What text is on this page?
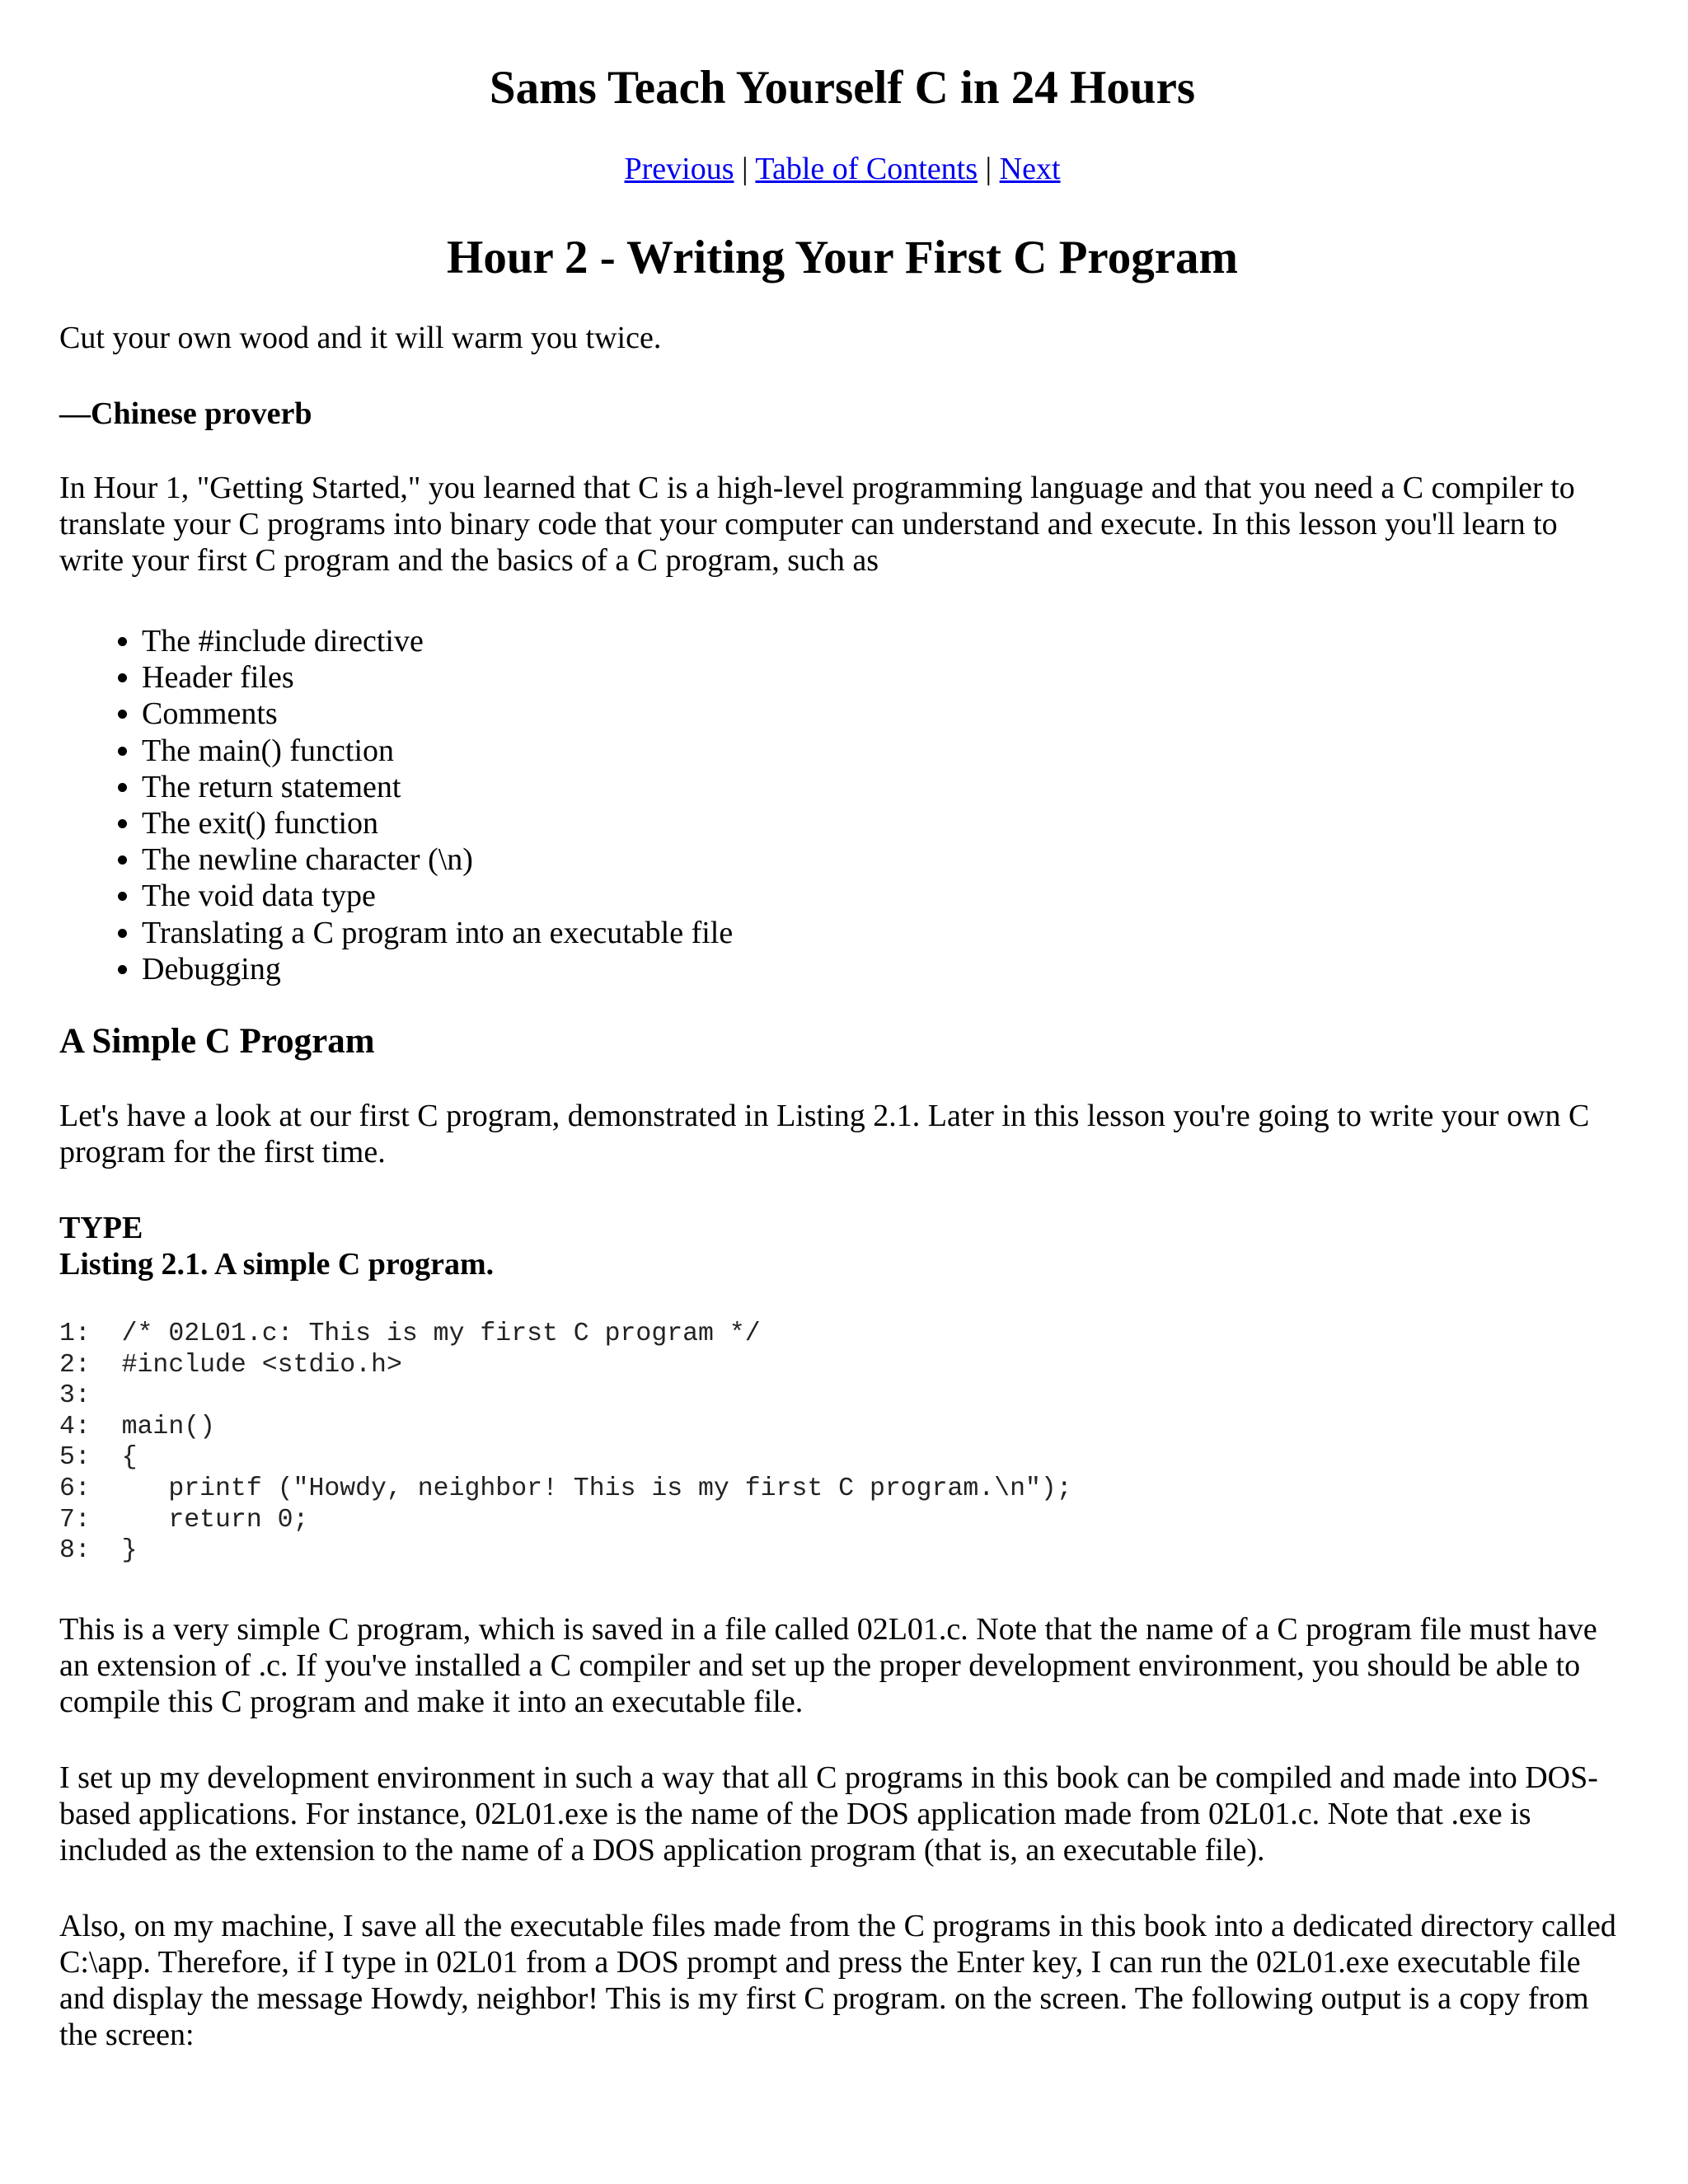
Sams Teach Yourself C in 24 Hours
Previous | Table of Contents | Next
Hour 2 - Writing Your First C Program

Cut your own wood and it will warm you twice.

—Chinese proverb

In Hour 1, "Getting Started," you learned that C is a high-level programming language and that you need a C compiler to translate your C programs into binary code that your computer can understand and execute. In this lesson you'll learn to write your first C program and the basics of a C program, such as

• The #include directive
• Header files
• Comments
• The main() function
• The return statement
• The exit() function
• The newline character (\n)
• The void data type
• Translating a C program into an executable file
• Debugging
A Simple C Program

Let's have a look at our first C program, demonstrated in Listing 2.1. Later in this lesson you're going to write your own C program for the first time.

TYPE

Listing 2.1. A simple C program.

1:  /* 02L01.c: This is my first C program */
2:  #include <stdio.h>
3:
4:  main()
5:  {
6:     printf ("Howdy, neighbor! This is my first C program.\n");
7:     return 0;
8:  }

This is a very simple C program, which is saved in a file called 02L01.c. Note that the name of a C program file must have an extension of .c. If you've installed a C compiler and set up the proper development environment, you should be able to compile this C program and make it into an executable file.

I set up my development environment in such a way that all C programs in this book can be compiled and made into DOS-based applications. For instance, 02L01.exe is the name of the DOS application made from 02L01.c. Note that .exe is included as the extension to the name of a DOS application program (that is, an executable file).

Also, on my machine, I save all the executable files made from the C programs in this book into a dedicated directory called C:\app. Therefore, if I type in 02L01 from a DOS prompt and press the Enter key, I can run the 02L01.exe executable file and display the message Howdy, neighbor! This is my first C program. on the screen. The following output is a copy from the screen:
